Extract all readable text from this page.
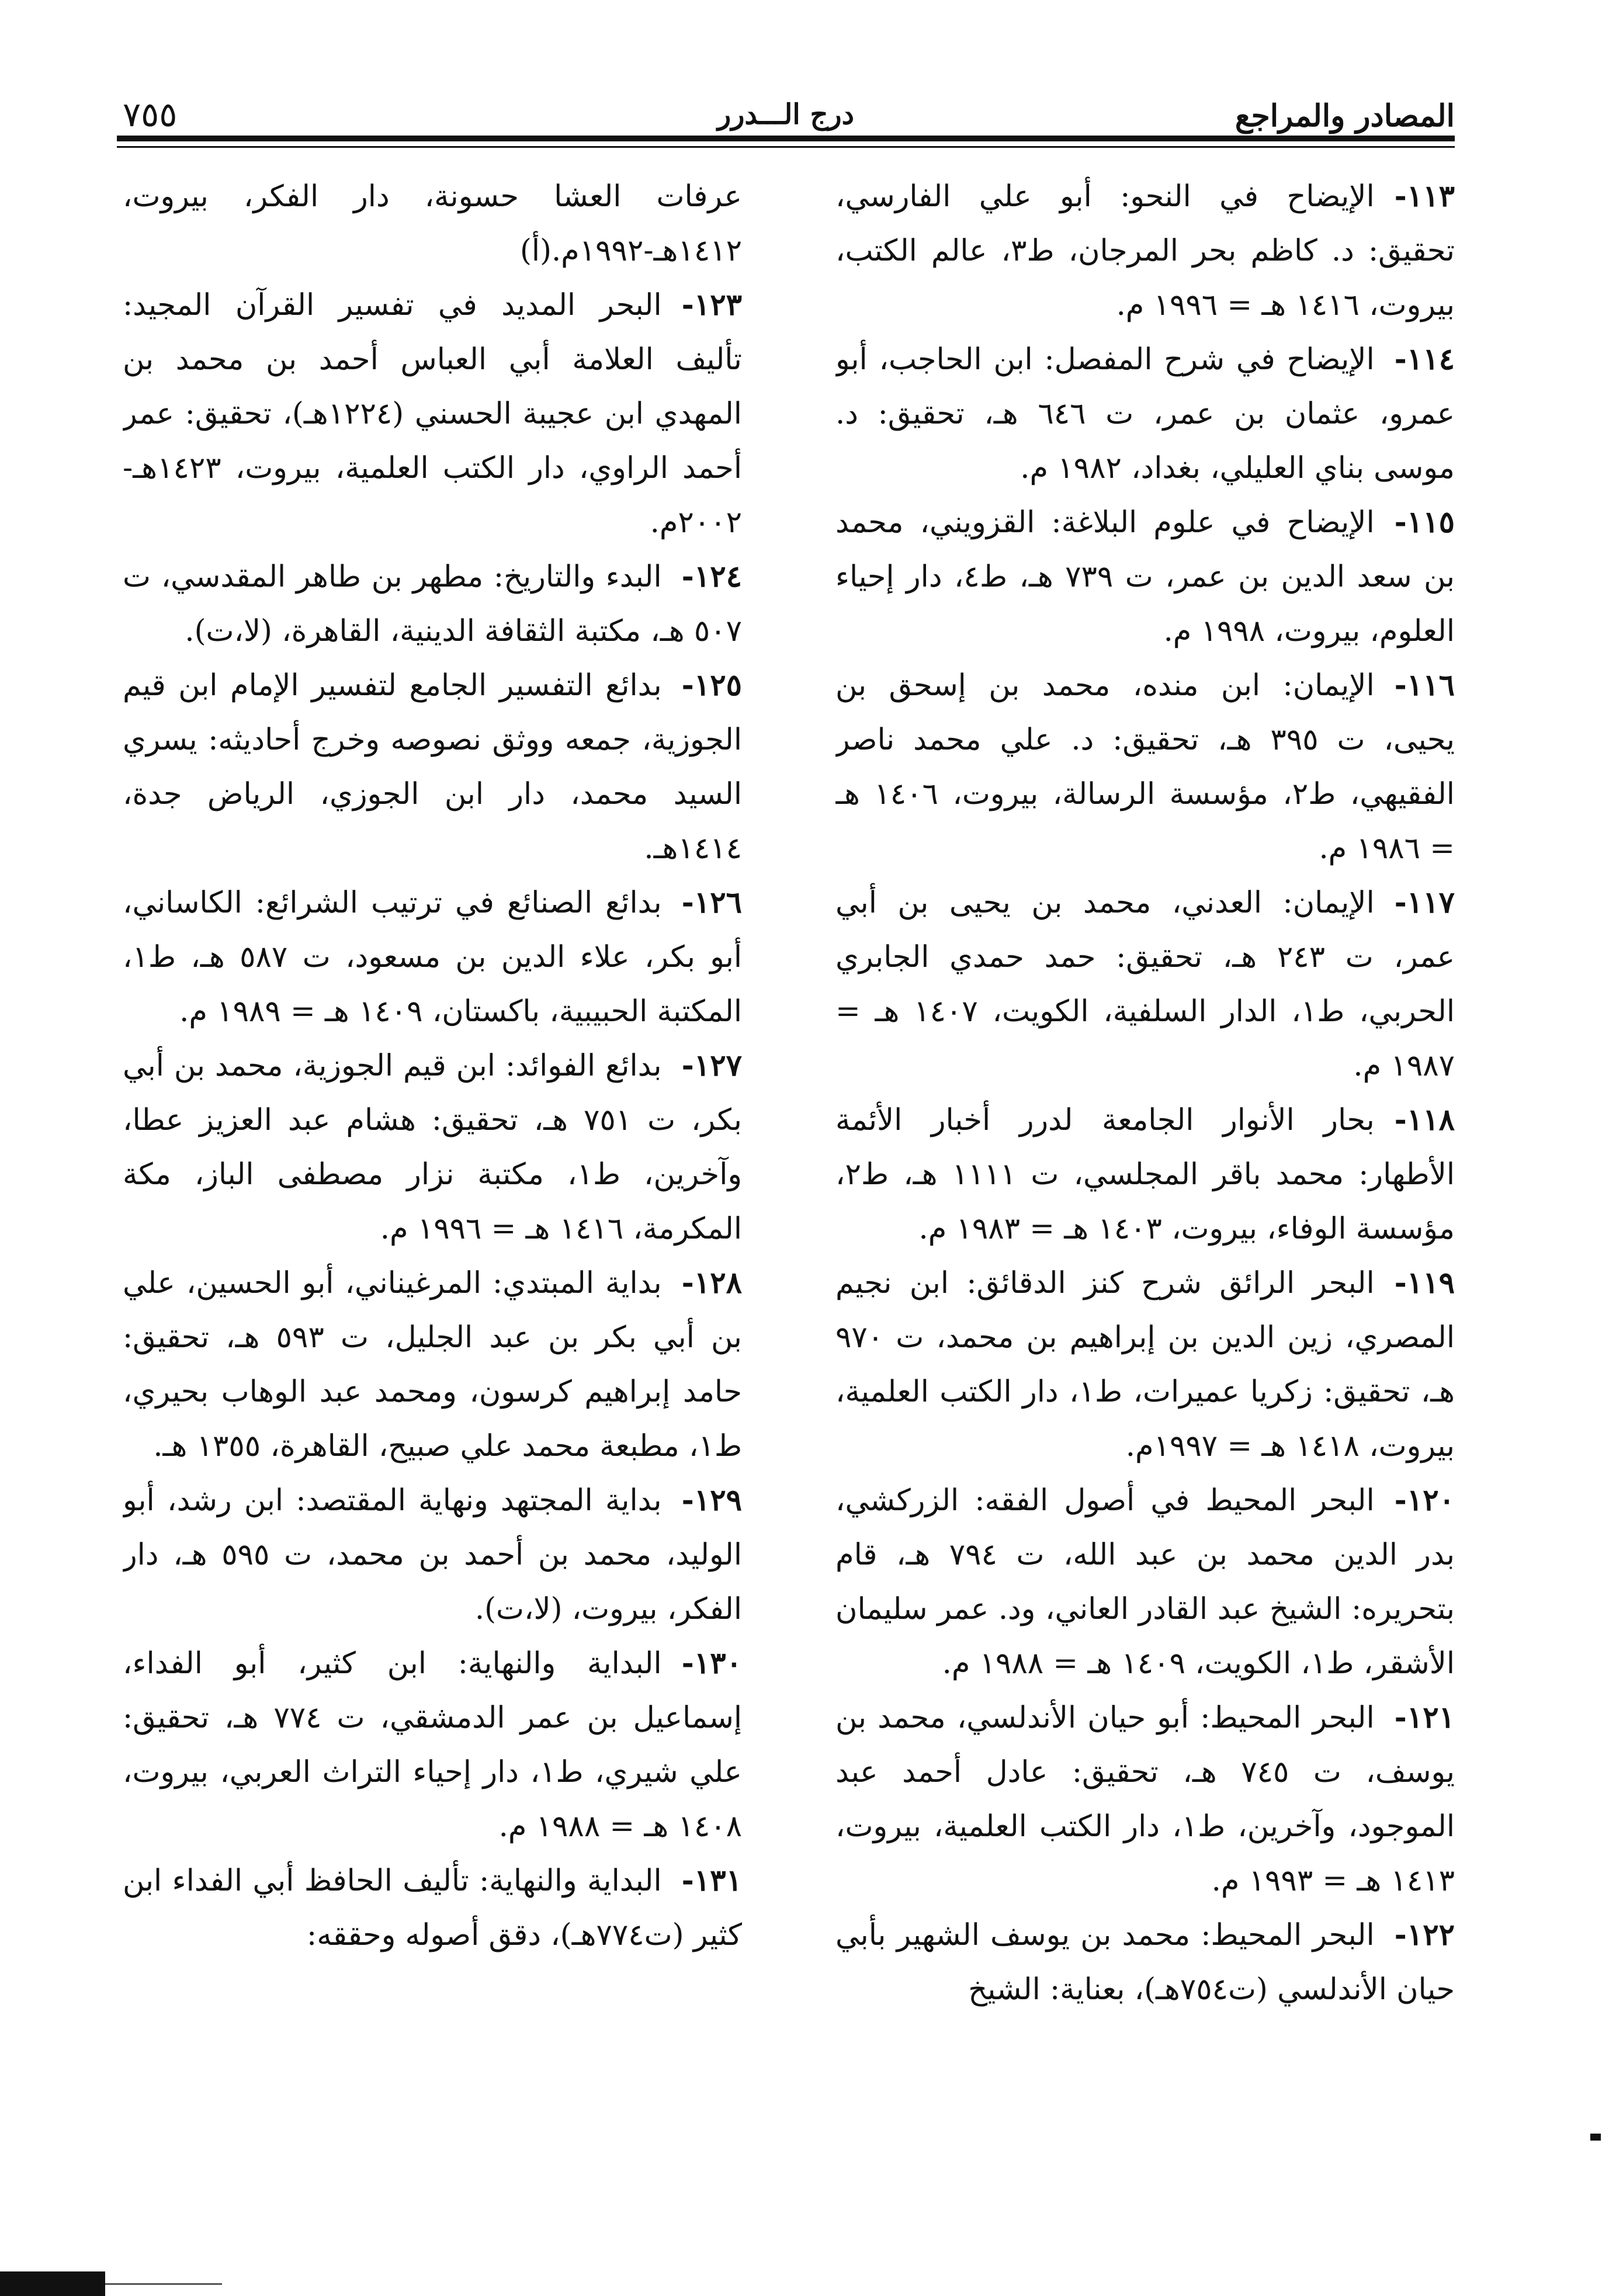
المصادر والمراجع
درج الـــدرر
٧٥٥

١١٣-الإيضاح في النحو: أبو علي الفارسي، تحقيق: د. كاظم بحر المرجان، ط٣، عالم الكتب، بيروت، ١٤١٦ هـ = ١٩٩٦ م.

١١٤-الإيضاح في شرح المفصل: ابن الحاجب، أبو عمرو، عثمان بن عمر، ت ٦٤٦ هـ، تحقيق: د. موسى بناي العليلي، بغداد، ١٩٨٢ م.

١١٥-الإيضاح في علوم البلاغة: القزويني، محمد بن سعد الدين بن عمر، ت ٧٣٩ هـ، ط٤، دار إحياء العلوم، بيروت، ١٩٩٨ م.

١١٦-الإيمان: ابن منده، محمد بن إسحق بن يحيى، ت ٣٩٥ هـ، تحقيق: د. علي محمد ناصر الفقيهي، ط٢، مؤسسة الرسالة، بيروت، ١٤٠٦ هـ = ١٩٨٦ م.

١١٧-الإيمان: العدني، محمد بن يحيى بن أبي عمر، ت ٢٤٣ هـ، تحقيق: حمد حمدي الجابري الحربي، ط١، الدار السلفية، الكويت، ١٤٠٧ هـ = ١٩٨٧ م.

١١٨-بحار الأنوار الجامعة لدرر أخبار الأئمة الأطهار: محمد باقر المجلسي، ت ١١١١ هـ، ط٢، مؤسسة الوفاء، بيروت، ١٤٠٣ هـ = ١٩٨٣ م.

١١٩-البحر الرائق شرح كنز الدقائق: ابن نجيم المصري، زين الدين بن إبراهيم بن محمد، ت ٩٧٠ هـ، تحقيق: زكريا عميرات، ط١، دار الكتب العلمية، بيروت، ١٤١٨ هـ = ١٩٩٧م.

١٢٠-البحر المحيط في أصول الفقه: الزركشي، بدر الدين محمد بن عبد الله، ت ٧٩٤ هـ، قام بتحريره: الشيخ عبد القادر العاني، ود. عمر سليمان الأشقر، ط١، الكويت، ١٤٠٩ هـ = ١٩٨٨ م.

١٢١-البحر المحيط: أبو حيان الأندلسي، محمد بن يوسف، ت ٧٤٥ هـ، تحقيق: عادل أحمد عبد الموجود، وآخرين، ط١، دار الكتب العلمية، بيروت، ١٤١٣ هـ = ١٩٩٣ م.

١٢٢-البحر المحيط: محمد بن يوسف الشهير بأبي حيان الأندلسي (ت٧٥٤هـ)، بعناية: الشيخ

عرفات العشا حسونة، دار الفكر، بيروت، ١٤١٢هـ-١٩٩٢م.(أ)

١٢٣-البحر المديد في تفسير القرآن المجيد: تأليف العلامة أبي العباس أحمد بن محمد بن المهدي ابن عجيبة الحسني (١٢٢٤هـ)، تحقيق: عمر أحمد الراوي، دار الكتب العلمية، بيروت، ١٤٢٣هـ- ٢٠٠٢م.

١٢٤-البدء والتاريخ: مطهر بن طاهر المقدسي، ت ٥٠٧ هـ، مكتبة الثقافة الدينية، القاهرة، (لا،ت).

١٢٥-بدائع التفسير الجامع لتفسير الإمام ابن قيم الجوزية، جمعه ووثق نصوصه وخرج أحاديثه: يسري السيد محمد، دار ابن الجوزي، الرياض جدة، ١٤١٤هـ.

١٢٦-بدائع الصنائع في ترتيب الشرائع: الكاساني، أبو بكر، علاء الدين بن مسعود، ت ٥٨٧ هـ، ط١، المكتبة الحبيبية، باكستان، ١٤٠٩ هـ = ١٩٨٩ م.

١٢٧-بدائع الفوائد: ابن قيم الجوزية، محمد بن أبي بكر، ت ٧٥١ هـ، تحقيق: هشام عبد العزيز عطا، وآخرين، ط١، مكتبة نزار مصطفى الباز، مكة المكرمة، ١٤١٦ هـ = ١٩٩٦ م.

١٢٨-بداية المبتدي: المرغيناني، أبو الحسين، علي بن أبي بكر بن عبد الجليل، ت ٥٩٣ هـ، تحقيق: حامد إبراهيم كرسون، ومحمد عبد الوهاب بحيري، ط١، مطبعة محمد علي صبيح، القاهرة، ١٣٥٥ هـ.

١٢٩-بداية المجتهد ونهاية المقتصد: ابن رشد، أبو الوليد، محمد بن أحمد بن محمد، ت ٥٩٥ هـ، دار الفكر، بيروت، (لا،ت).

١٣٠-البداية والنهاية: ابن كثير، أبو الفداء، إسماعيل بن عمر الدمشقي، ت ٧٧٤ هـ، تحقيق: علي شيري، ط١، دار إحياء التراث العربي، بيروت، ١٤٠٨ هـ = ١٩٨٨ م.

١٣١-البداية والنهاية: تأليف الحافظ أبي الفداء ابن كثير (ت٧٧٤هـ)، دقق أصوله وحققه:
